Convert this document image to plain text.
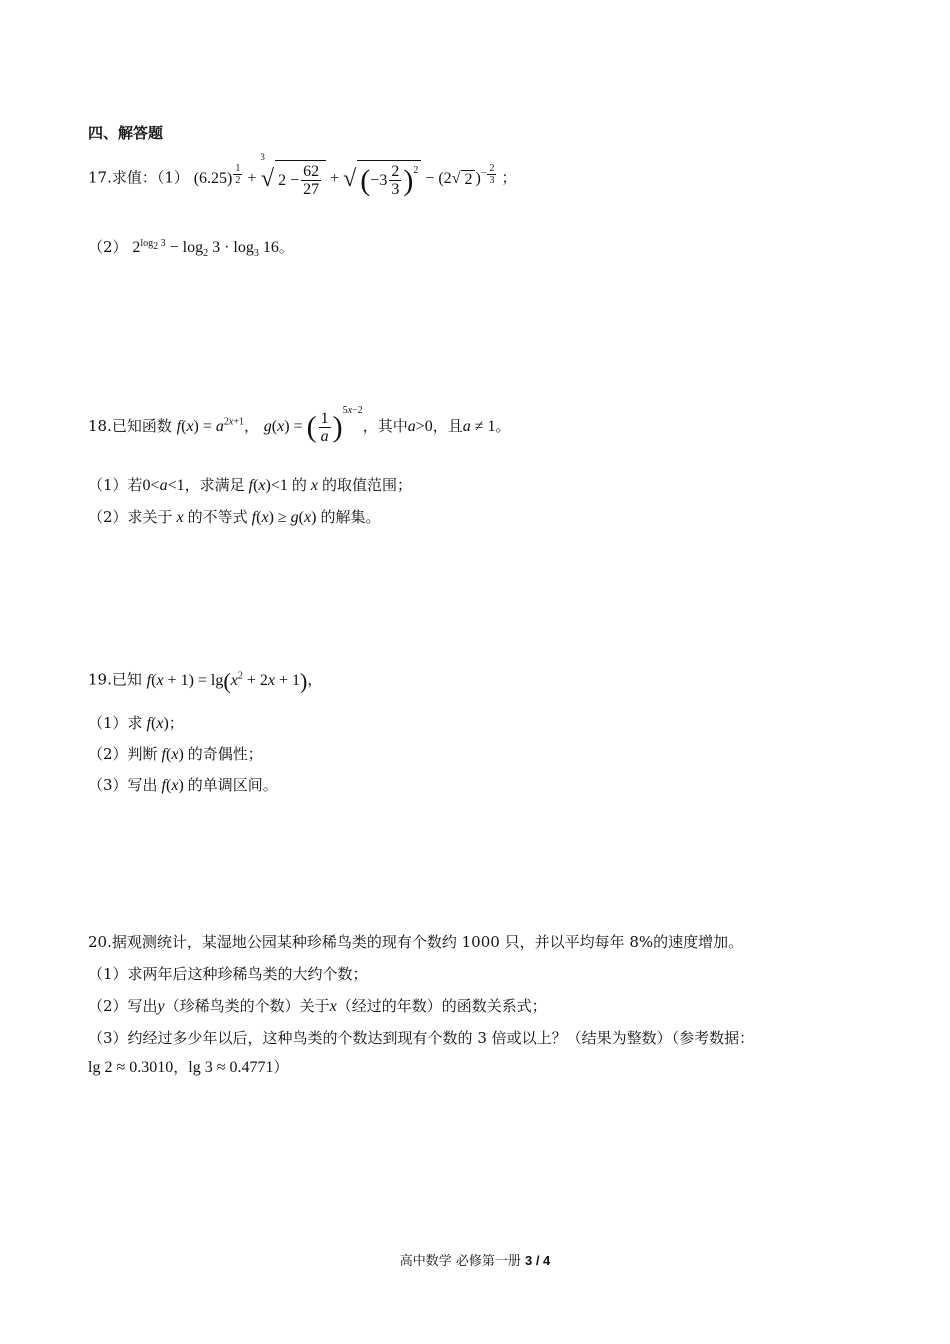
四、解答题
17.求值：（1） (6.25) $^{\frac{1}{2}}$ +
3
√ $2 - \frac{62}{27}$ + √ ( $-3 \frac{2}{3} )^2 - (2$ √ 2 )$^{- \frac{2}{3}}$ ；
（2） $2^{log_2 3} - \log_2 3 \cdot \log_3 16$。
18.已知函数 $f(x) = a^{2x+1}$， g(x) = ( $\frac{1}{a} )^{5x-2}$，其中a>0，且a ≠ 1。
（1）若0<a<1，求满足 f(x)<1 的 x 的取值范围；
（2）求关于 x 的不等式 f(x) ≥ g(x) 的解集。
19.已知 $f(x + 1) = \lg(x^2 + 2x + 1)$，
（1）求 f(x)；
（2）判断 f(x) 的奇偶性；
（3）写出 f(x) 的单调区间。
20.据观测统计，某湿地公园某种珍稀鸟类的现有个数约 1000 只，并以平均每年 8%的速度增加。
（1）求两年后这种珍稀鸟类的大约个数；
（2）写出y（珍稀鸟类的个数）关于x（经过的年数）的函数关系式；
（3）约经过多少年以后，这种鸟类的个数达到现有个数的 3 倍或以上？（结果为整数）（参考数据：
lg 2 ≈ 0.3010，lg 3 ≈ 0.4771）
高中数学 必修第一册 3 / 4
